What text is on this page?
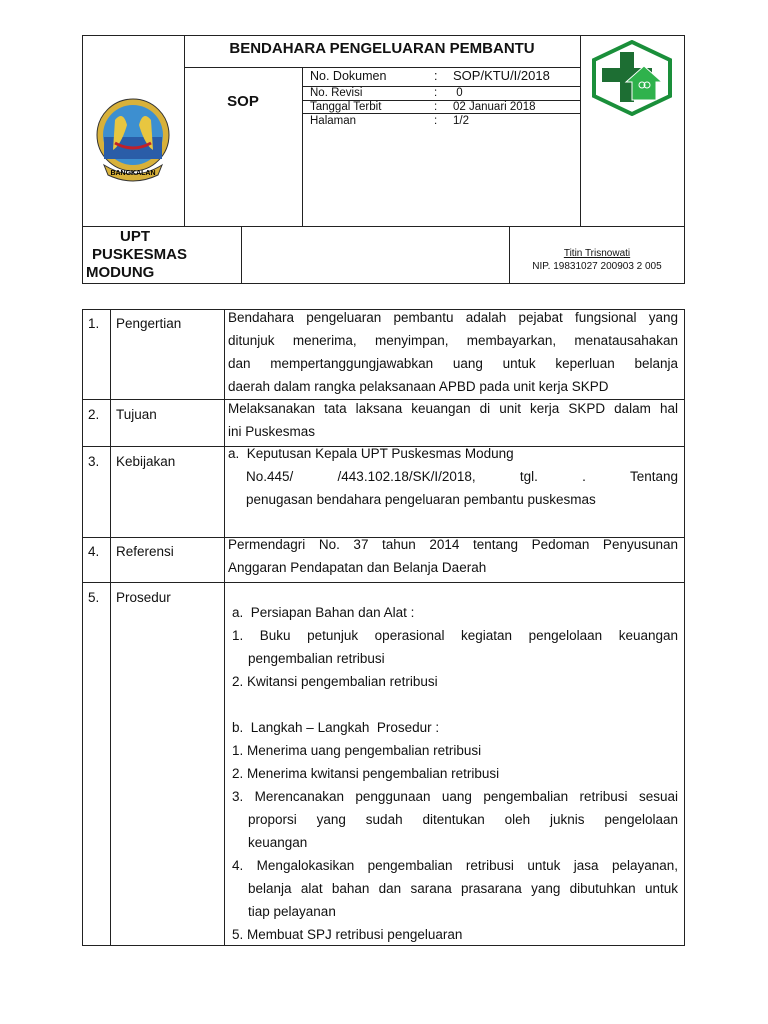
BANGKALAN
BENDAHARA PENGELUARAN PEMBANTU
SOP
No. Dokumen	: SOP/KTU/I/2018
No. Revisi	: 0
Tanggal Terbit	: 02 Januari 2018
Halaman	: 1/2
UPT
PUSKESMAS
MODUNG
Titin Trisnowati
NIP. 19831027 200903 2 005
1. Pengertian	Bendahara pengeluaran pembantu adalah pejabat fungsional yang
ditunjuk menerima, menyimpan, membayarkan, menatausahakan
dan mempertanggungjawabkan uang untuk keperluan belanja
daerah dalam rangka pelaksanaan APBD pada unit kerja SKPD
2. Tujuan	Melaksanakan tata laksana keuangan di unit kerja SKPD dalam hal
ini Puskesmas
3. Kebijakan
a.  Keputusan Kepala UPT Puskesmas Modung
No.445/ /443.102.18/SK/I/2018, tgl. . Tentang
penugasan bendahara pengeluaran pembantu puskesmas
4. Referensi	Permendagri No. 37 tahun 2014 tentang Pedoman Penyusunan
Anggaran Pendapatan dan Belanja Daerah
5. Prosedur
a.  Persiapan Bahan dan Alat :
1. Buku petunjuk operasional kegiatan pengelolaan keuangan
pengembalian retribusi
2. Kwitansi pengembalian retribusi
b.  Langkah – Langkah  Prosedur :
1. Menerima uang pengembalian retribusi
2. Menerima kwitansi pengembalian retribusi
3. Merencanakan penggunaan uang pengembalian retribusi sesuai
proporsi yang sudah ditentukan oleh juknis pengelolaan
keuangan
4. Mengalokasikan pengembalian retribusi untuk jasa pelayanan,
belanja alat bahan dan sarana prasarana yang dibutuhkan untuk
tiap pelayanan
5. Membuat SPJ retribusi pengeluaran
